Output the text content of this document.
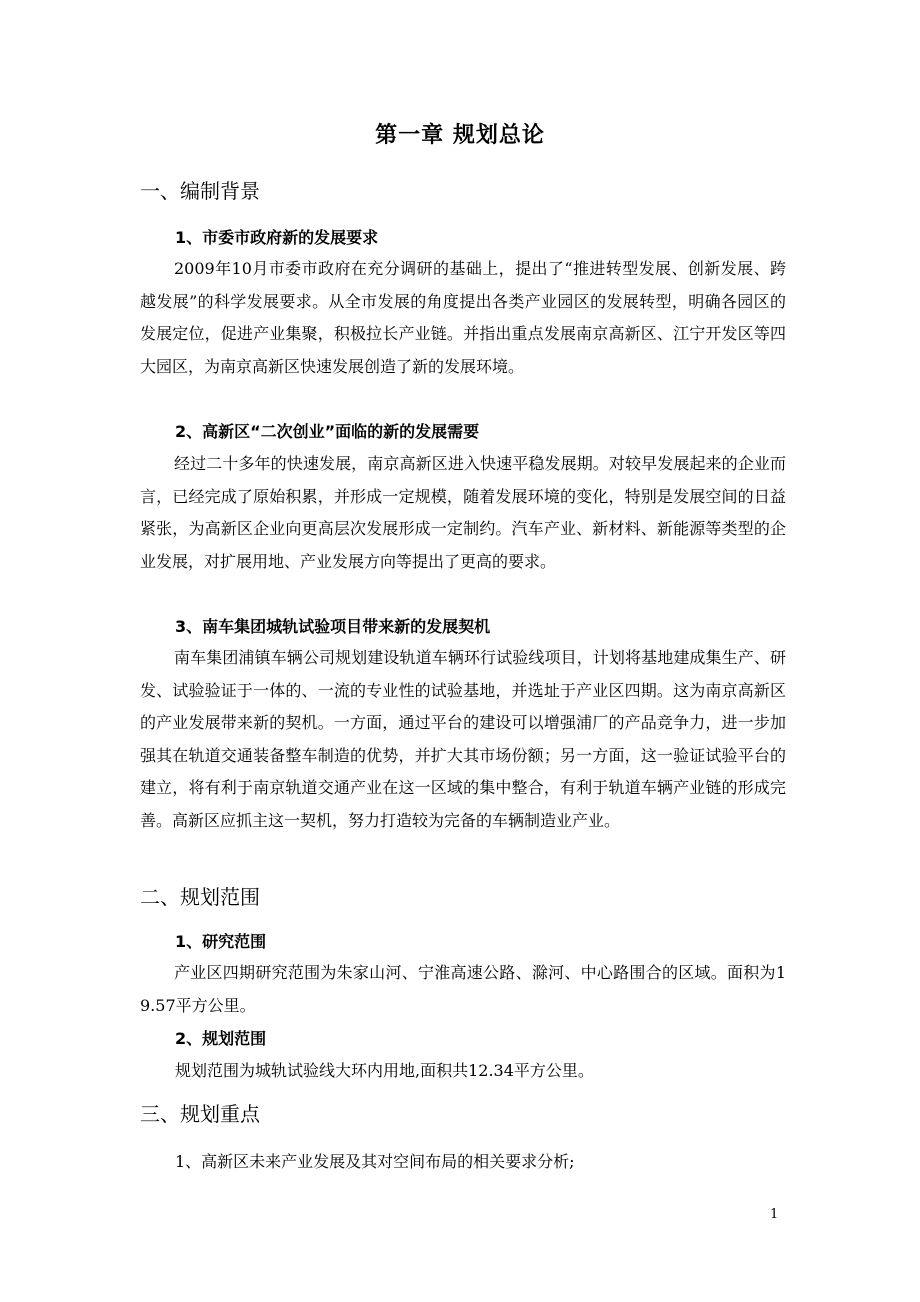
第一章 规划总论
一、编制背景
1、市委市政府新的发展要求

2009年10月市委市政府在充分调研的基础上，提出了“推进转型发展、创新发展、跨越发展”的科学发展要求。从全市发展的角度提出各类产业园区的发展转型，明确各园区的发展定位，促进产业集聚，积极拉长产业链。并指出重点发展南京高新区、江宁开发区等四大园区，为南京高新区快速发展创造了新的发展环境。

2、高新区“二次创业”面临的新的发展需要

经过二十多年的快速发展，南京高新区进入快速平稳发展期。对较早发展起来的企业而言，已经完成了原始积累，并形成一定规模，随着发展环境的变化，特别是发展空间的日益紧张，为高新区企业向更高层次发展形成一定制约。汽车产业、新材料、新能源等类型的企业发展，对扩展用地、产业发展方向等提出了更高的要求。

3、南车集团城轨试验项目带来新的发展契机

南车集团浦镇车辆公司规划建设轨道车辆环行试验线项目，计划将基地建成集生产、研发、试验验证于一体的、一流的专业性的试验基地，并选址于产业区四期。这为南京高新区的产业发展带来新的契机。一方面，通过平台的建设可以增强浦厂的产品竞争力，进一步加强其在轨道交通装备整车制造的优势，并扩大其市场份额；另一方面，这一验证试验平台的建立，将有利于南京轨道交通产业在这一区域的集中整合，有利于轨道车辆产业链的形成完善。高新区应抓主这一契机，努力打造较为完备的车辆制造业产业。

二、规划范围
1、研究范围

产业区四期研究范围为朱家山河、宁淮高速公路、滁河、中心路围合的区域。面积为19.57平方公里。

2、规划范围
规划范围为城轨试验线大环内用地,面积共12.34平方公里。
三、规划重点
1、高新区未来产业发展及其对空间布局的相关要求分析;
1
